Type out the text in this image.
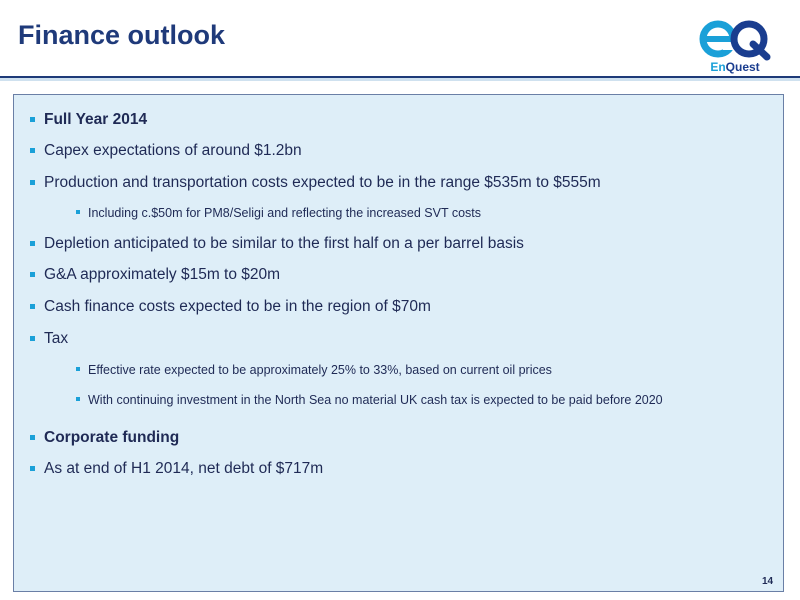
Finance outlook
EnQuest
Full Year 2014
Capex expectations of around $1.2bn
Production and transportation costs expected to be in the range $535m to $555m
Including c.$50m for PM8/Seligi and reflecting the increased SVT costs
Depletion anticipated to be similar to the first half on a per barrel basis
G&A approximately $15m to $20m
Cash finance costs expected to be in the region of $70m
Tax
Effective rate expected to be approximately 25% to 33%, based on current oil prices
With continuing investment in the North Sea no material UK cash tax is expected to be paid before 2020
Corporate funding
As at end of H1 2014, net debt of $717m
14
